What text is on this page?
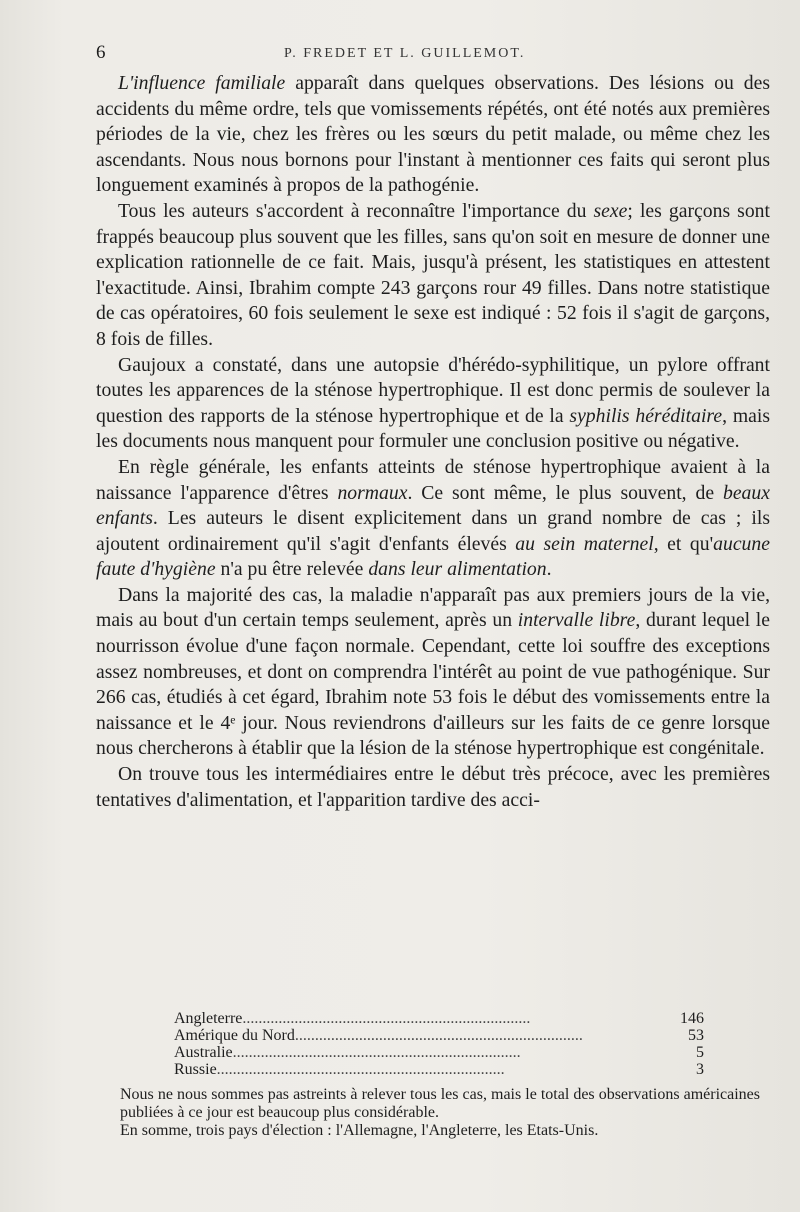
6	P. FREDET ET L. GUILLEMOT.

L'influence familiale apparaît dans quelques observations. Des lésions ou des accidents du même ordre, tels que vomissements répétés, ont été notés aux premières périodes de la vie, chez les frères ou les sœurs du petit malade, ou même chez les ascendants. Nous nous bornons pour l'instant à mentionner ces faits qui seront plus longuement examinés à propos de la pathogénie.

Tous les auteurs s'accordent à reconnaître l'importance du sexe; les garçons sont frappés beaucoup plus souvent que les filles, sans qu'on soit en mesure de donner une explication rationnelle de ce fait. Mais, jusqu'à présent, les statistiques en attestent l'exactitude. Ainsi, Ibrahim compte 243 garçons rour 49 filles. Dans notre statistique de cas opératoires, 60 fois seulement le sexe est indiqué : 52 fois il s'agit de garçons, 8 fois de filles.

Gaujoux a constaté, dans une autopsie d'hérédo-syphilitique, un pylore offrant toutes les apparences de la sténose hypertrophique. Il est donc permis de soulever la question des rapports de la sténose hypertrophique et de la syphilis héréditaire, mais les documents nous manquent pour formuler une conclusion positive ou négative.

En règle générale, les enfants atteints de sténose hypertrophique avaient à la naissance l'apparence d'êtres normaux. Ce sont même, le plus souvent, de beaux enfants. Les auteurs le disent explicitement dans un grand nombre de cas ; ils ajoutent ordinairement qu'il s'agit d'enfants élevés au sein maternel, et qu'aucune faute d'hygiène n'a pu être relevée dans leur alimentation.

Dans la majorité des cas, la maladie n'apparaît pas aux premiers jours de la vie, mais au bout d'un certain temps seulement, après un intervalle libre, durant lequel le nourrisson évolue d'une façon normale. Cependant, cette loi souffre des exceptions assez nombreuses, et dont on comprendra l'intérêt au point de vue pathogénique. Sur 266 cas, étudiés à cet égard, Ibrahim note 53 fois le début des vomissements entre la naissance et le 4ᵉ jour. Nous reviendrons d'ailleurs sur les faits de ce genre lorsque nous chercherons à établir que la lésion de la sténose hypertrophique est congénitale.

On trouve tous les intermédiaires entre le début très précoce, avec les premières tentatives d'alimentation, et l'apparition tardive des acci-

Angleterre........................................................................	146
Amérique du Nord........................................................................	53
Australie........................................................................	5
Russie........................................................................	3

Nous ne nous sommes pas astreints à relever tous les cas, mais le total des observations américaines publiées à ce jour est beaucoup plus considérable.

En somme, trois pays d'élection : l'Allemagne, l'Angleterre, les Etats-Unis.
